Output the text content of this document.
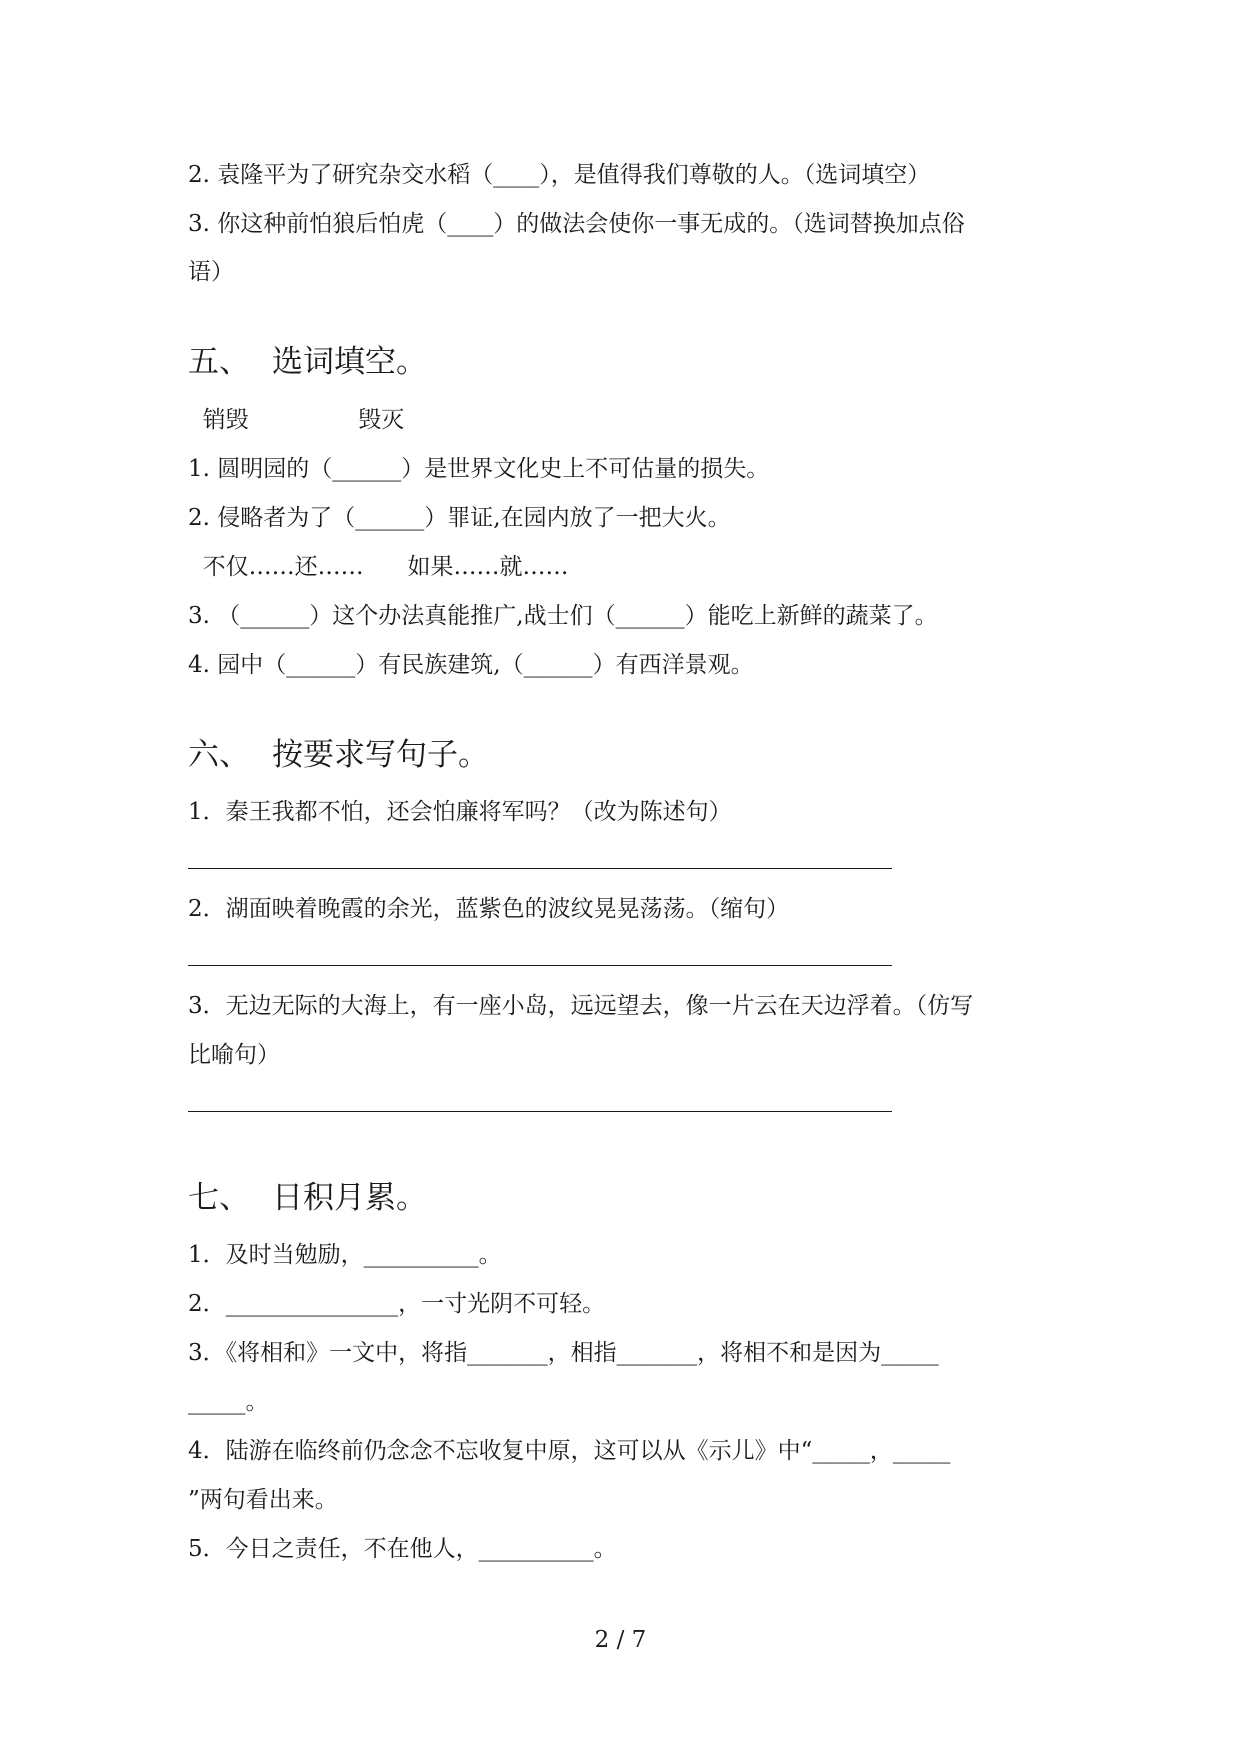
2. 袁隆平为了研究杂交水稻（____），是值得我们尊敬的人。（选词填空）
3. 你这种前怕狼后怕虎（____）的做法会使你一事无成的。（选词替换加点俗
语）
五、 选词填空。
销毁               毁灭
1. 圆明园的（______）是世界文化史上不可估量的损失。
2. 侵略者为了（______）罪证,在园内放了一把大火。
不仅……还……      如果……就……
3. （______）这个办法真能推广,战士们（______）能吃上新鲜的蔬菜了。
4. 园中（______）有民族建筑,（______）有西洋景观。
六、 按要求写句子。
1．秦王我都不怕，还会怕廉将军吗？（改为陈述句）
2．湖面映着晚霞的余光，蓝紫色的波纹晃晃荡荡。（缩句）
3．无边无际的大海上，有一座小岛，远远望去，像一片云在天边浮着。（仿写
比喻句）
七、 日积月累。
1．及时当勉励，__________。
2．_______________，一寸光阴不可轻。
3．《将相和》一文中，将指_______，相指_______，将相不和是因为_____
_____。
4．陆游在临终前仍念念不忘收复中原，这可以从《示儿》中“_____，_____
”两句看出来。
5．今日之责任，不在他人，__________。
2 / 7
